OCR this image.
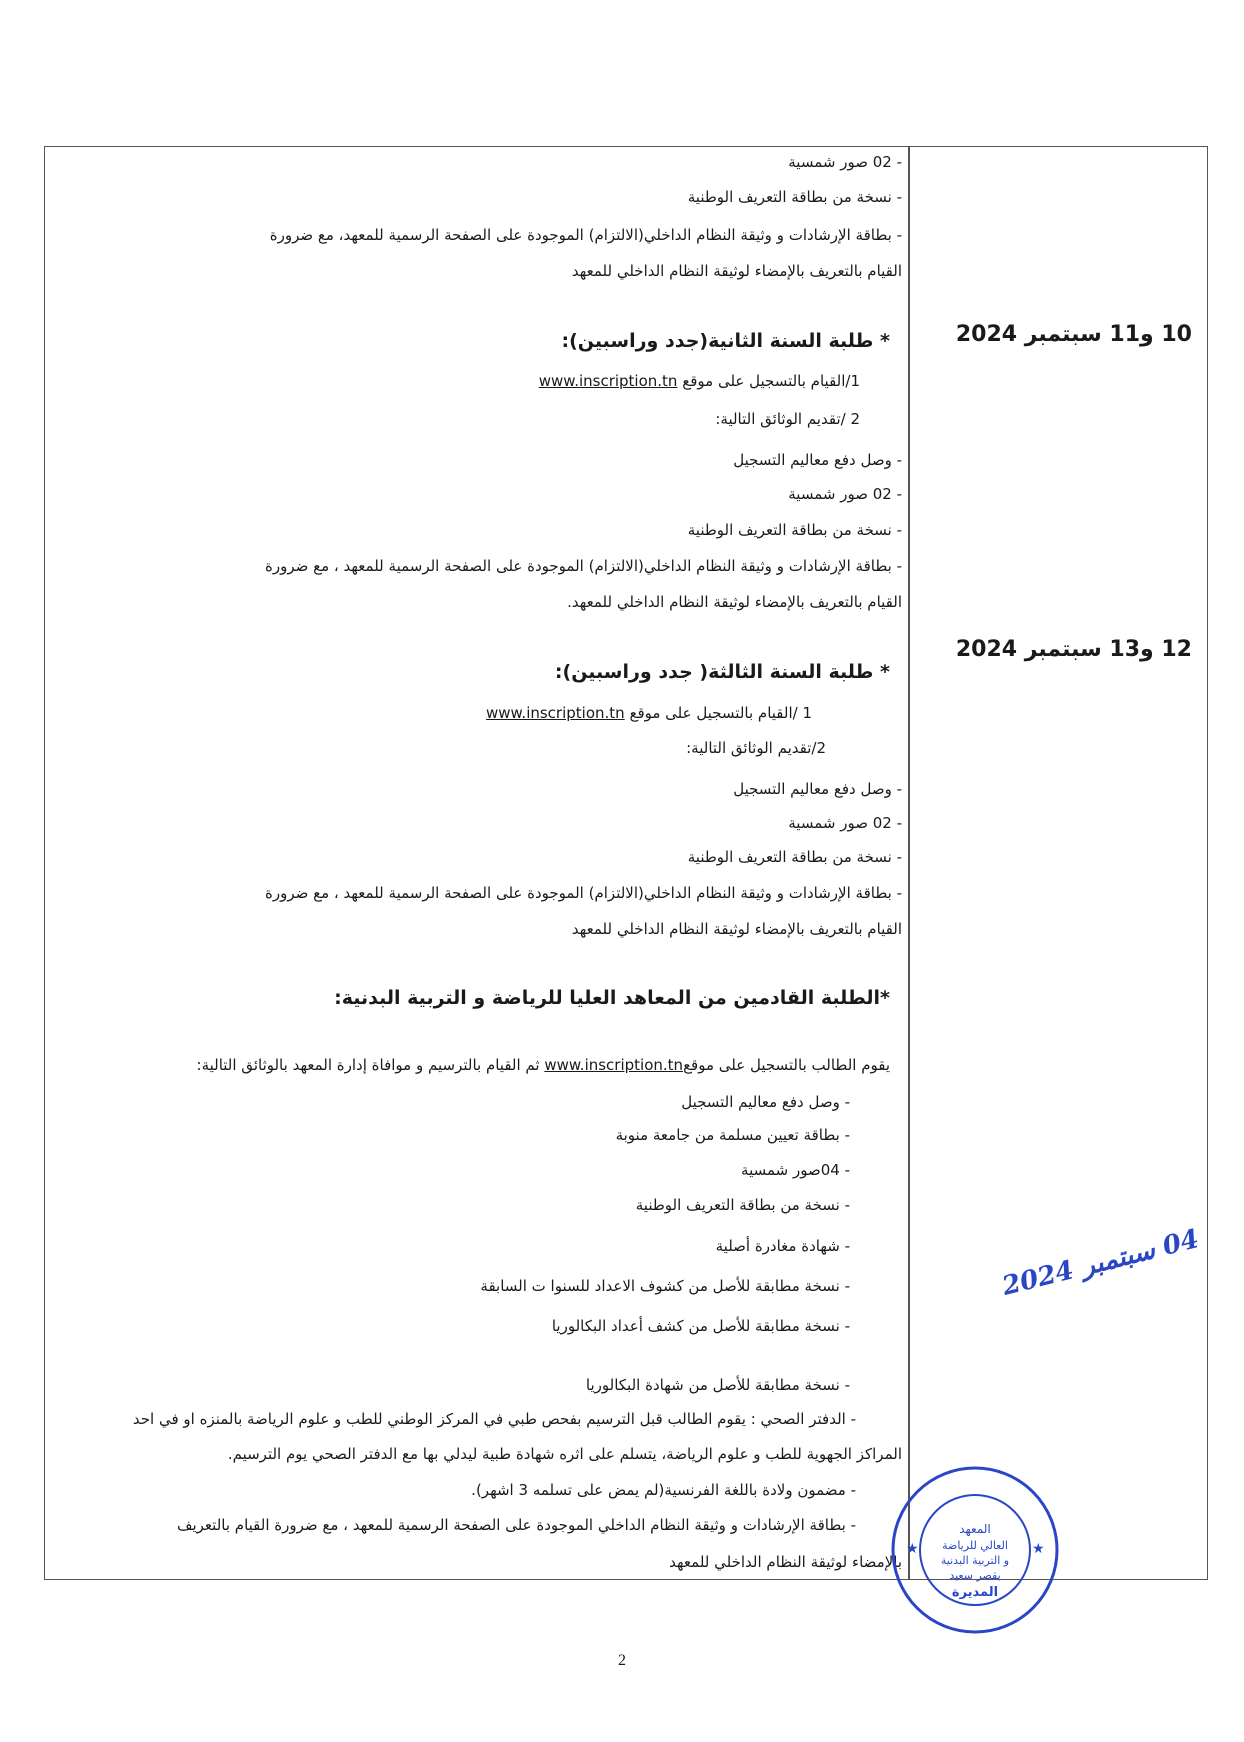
- 02 صور شمسية
- نسخة من بطاقة التعريف الوطنية
- بطاقة الإرشادات و وثيقة النظام الداخلي(الالتزام) الموجودة على الصفحة الرسمية للمعهد، مع ضرورة
القيام بالتعريف بالإمضاء لوثيقة النظام الداخلي للمعهد
10 و11 سبتمبر 2024
* طلبة السنة الثانية(جدد وراسبين):
1/القيام بالتسجيل على موقع www.inscription.tn
2 /تقديم الوثائق التالية:
- وصل دفع معاليم التسجيل
- 02 صور شمسية
- نسخة من بطاقة التعريف الوطنية
- بطاقة الإرشادات و وثيقة النظام الداخلي(الالتزام) الموجودة على الصفحة الرسمية للمعهد ، مع ضرورة
القيام بالتعريف بالإمضاء لوثيقة النظام الداخلي للمعهد.
12 و13 سبتمبر 2024
* طلبة السنة الثالثة( جدد وراسبين):
1 /القيام بالتسجيل على موقع www.inscription.tn
2/تقديم الوثائق التالية:
- وصل دفع معاليم التسجيل
- 02 صور شمسية
- نسخة من بطاقة التعريف الوطنية
- بطاقة الإرشادات و وثيقة النظام الداخلي(الالتزام) الموجودة على الصفحة الرسمية للمعهد ، مع ضرورة
القيام بالتعريف بالإمضاء لوثيقة النظام الداخلي للمعهد
*الطلبة القادمين من المعاهد العليا للرياضة و التربية البدنية:
يقوم الطالب بالتسجيل على موقعwww.inscription.tn ثم القيام بالترسيم و موافاة إدارة المعهد بالوثائق التالية:
- وصل دفع معاليم التسجيل
- بطاقة تعيين مسلمة من جامعة منوبة
- 04صور شمسية
- نسخة من بطاقة التعريف الوطنية
- شهادة مغادرة أصلية
- نسخة مطابقة للأصل من كشوف الاعداد للسنوا ت السابقة
- نسخة مطابقة للأصل من كشف أعداد البكالوريا
- نسخة مطابقة للأصل من شهادة البكالوريا
- الدفتر الصحي : يقوم الطالب قبل الترسيم بفحص طبي في المركز الوطني للطب و علوم الرياضة بالمنزه او في احد
المراكز الجهوية للطب و علوم الرياضة، يتسلم على اثره شهادة طبية ليدلي بها مع الدفتر الصحي يوم الترسيم.
- مضمون ولادة باللغة الفرنسية(لم يمض على تسلمه 3 اشهر).
- بطاقة الإرشادات و وثيقة النظام الداخلي الموجودة على الصفحة الرسمية للمعهد ، مع ضرورة القيام بالتعريف
بالإمضاء لوثيقة النظام الداخلي للمعهد
04 سبتمبر 2024
المعهد
العالي للرياضة
و التربية البدنية
بقصر سعيد
المديرة
★	★
2
